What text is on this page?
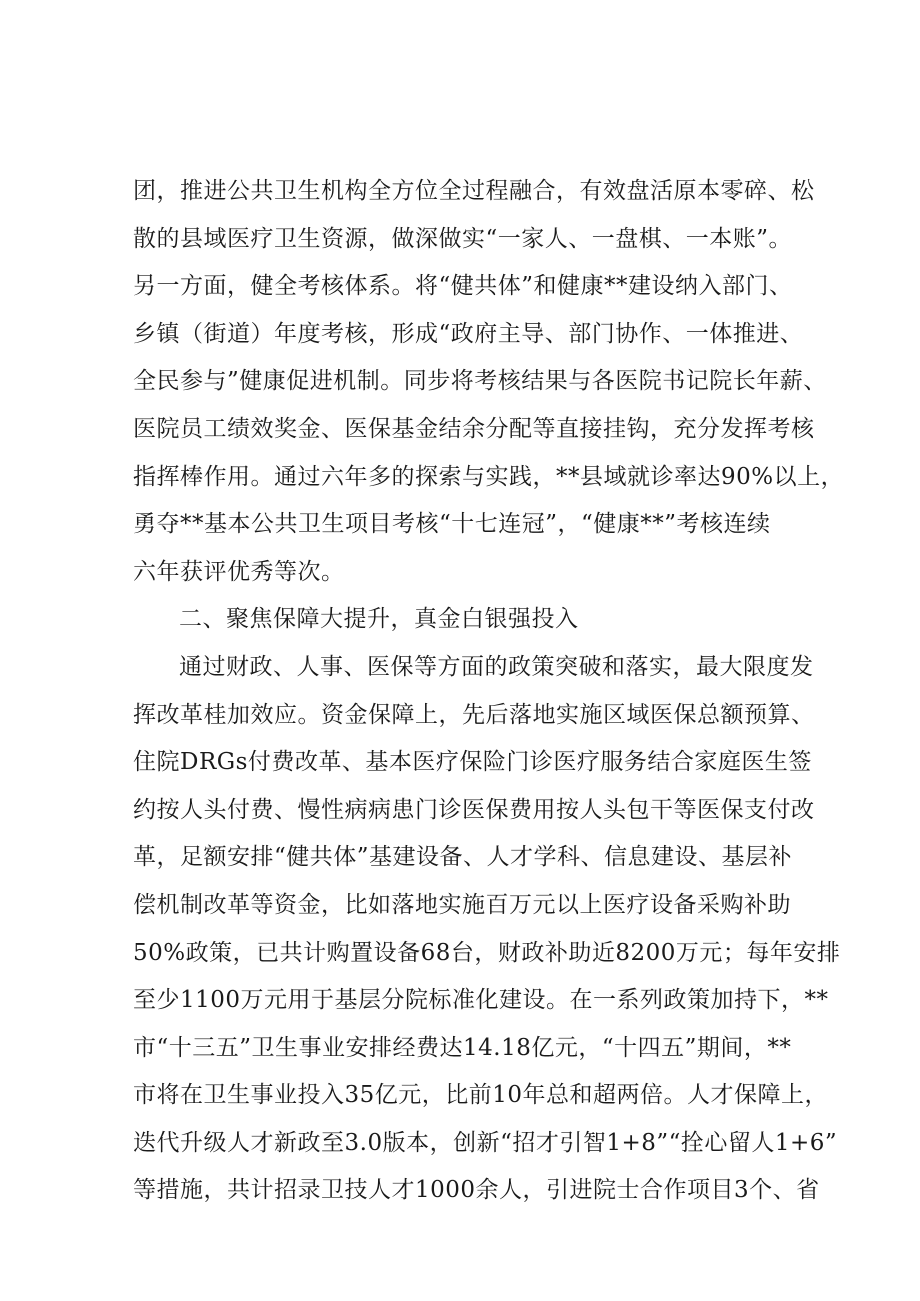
团，推进公共卫生机构全方位全过程融合，有效盘活原本零碎、松
散的县域医疗卫生资源，做深做实“一家人、一盘棋、一本账”。
另一方面，健全考核体系。将“健共体”和健康**建设纳入部门、
乡镇（街道）年度考核，形成“政府主导、部门协作、一体推进、
全民参与”健康促进机制。同步将考核结果与各医院书记院长年薪、
医院员工绩效奖金、医保基金结余分配等直接挂钩，充分发挥考核
指挥棒作用。通过六年多的探索与实践，**县域就诊率达90%以上，
勇夺**基本公共卫生项目考核“十七连冠”，“健康**”考核连续
六年获评优秀等次。
二、聚焦保障大提升，真金白银强投入
通过财政、人事、医保等方面的政策突破和落实，最大限度发
挥改革桂加效应。资金保障上，先后落地实施区域医保总额预算、
住院DRGs付费改革、基本医疗保险门诊医疗服务结合家庭医生签
约按人头付费、慢性病病患门诊医保费用按人头包干等医保支付改
革，足额安排“健共体”基建设备、人才学科、信息建设、基层补
偿机制改革等资金，比如落地实施百万元以上医疗设备采购补助
50%政策，已共计购置设备68台，财政补助近8200万元；每年安排
至少1100万元用于基层分院标准化建设。在一系列政策加持下，**
市“十三五”卫生事业安排经费达14.18亿元，“十四五”期间，**
市将在卫生事业投入35亿元，比前10年总和超两倍。人才保障上，
迭代升级人才新政至3.0版本，创新“招才引智1+8”“拴心留人1+6”
等措施，共计招录卫技人才1000余人，引进院士合作项目3个、省
